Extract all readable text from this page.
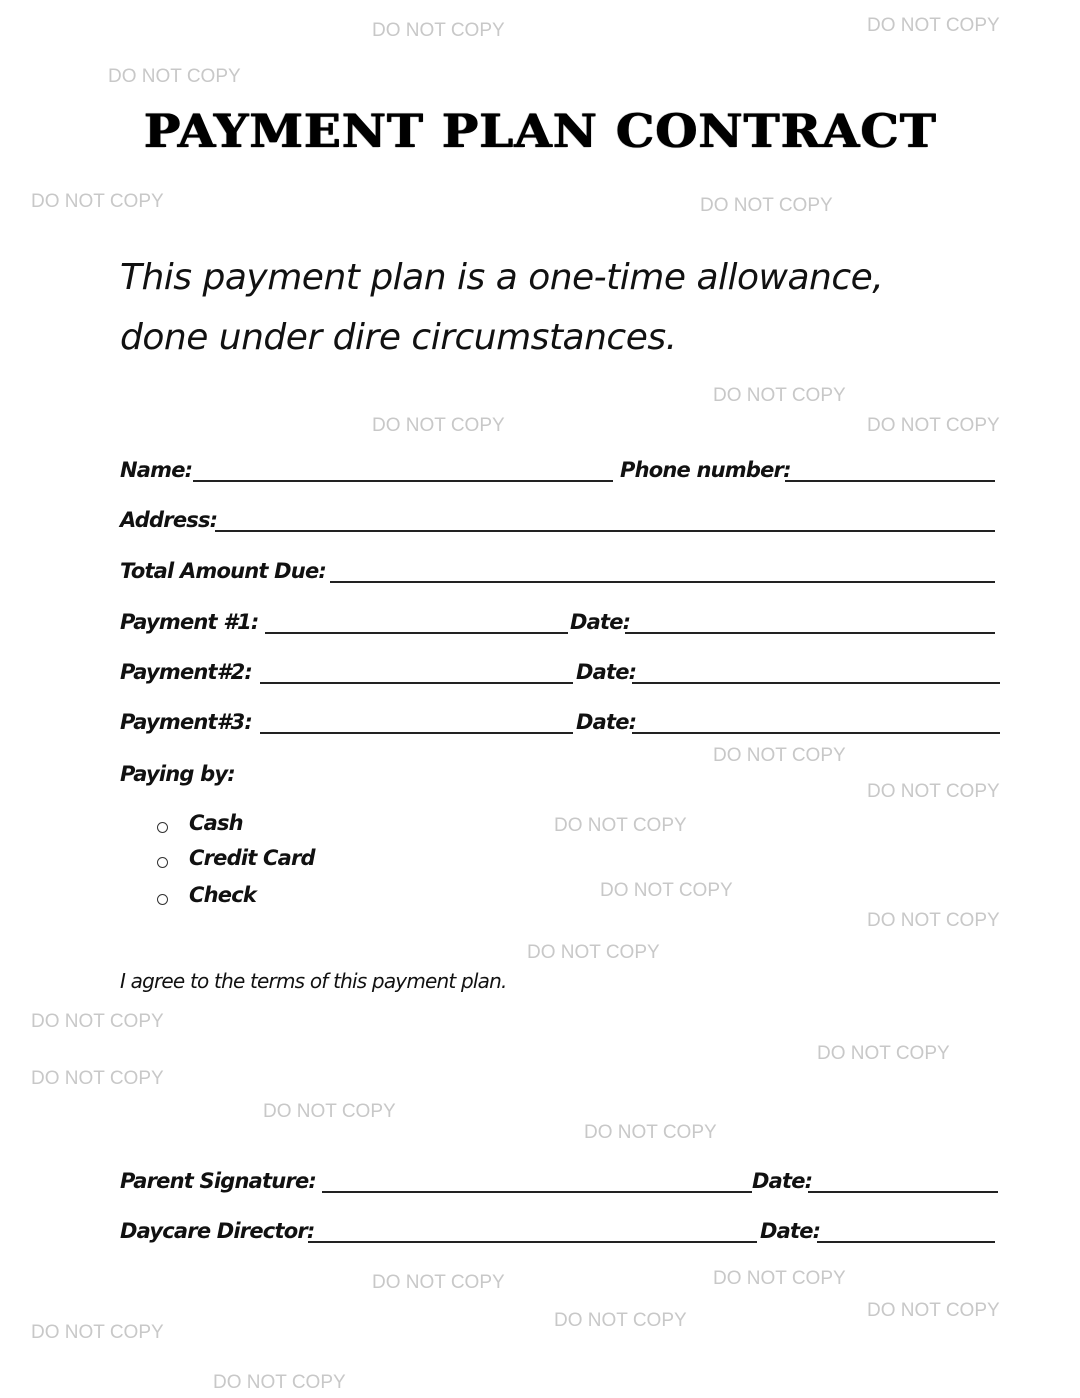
PAYMENT PLAN CONTRACT
This payment plan is a one-time allowance,
done under dire circumstances.
Name:	Phone number:
Address:
Total Amount Due:
Payment #1:	Date:
Payment#2:	Date:
Payment#3:	Date:
Paying by:
Cash
Credit Card
Check
I agree to the terms of this payment plan.
Parent Signature:	Date:
Daycare Director:	Date:
DO NOT COPY	DO NOT COPY
DO NOT COPY
DO NOT COPY	DO NOT COPY
DO NOT COPY
DO NOT COPY	DO NOT COPY
DO NOT COPY
DO NOT COPY
DO NOT COPY
DO NOT COPY
DO NOT COPY
DO NOT COPY
DO NOT COPY
DO NOT COPY
DO NOT COPY
DO NOT COPY
DO NOT COPY
DO NOT COPY
DO NOT COPY
DO NOT COPY
DO NOT COPY
DO NOT COPY
DO NOT COPY
